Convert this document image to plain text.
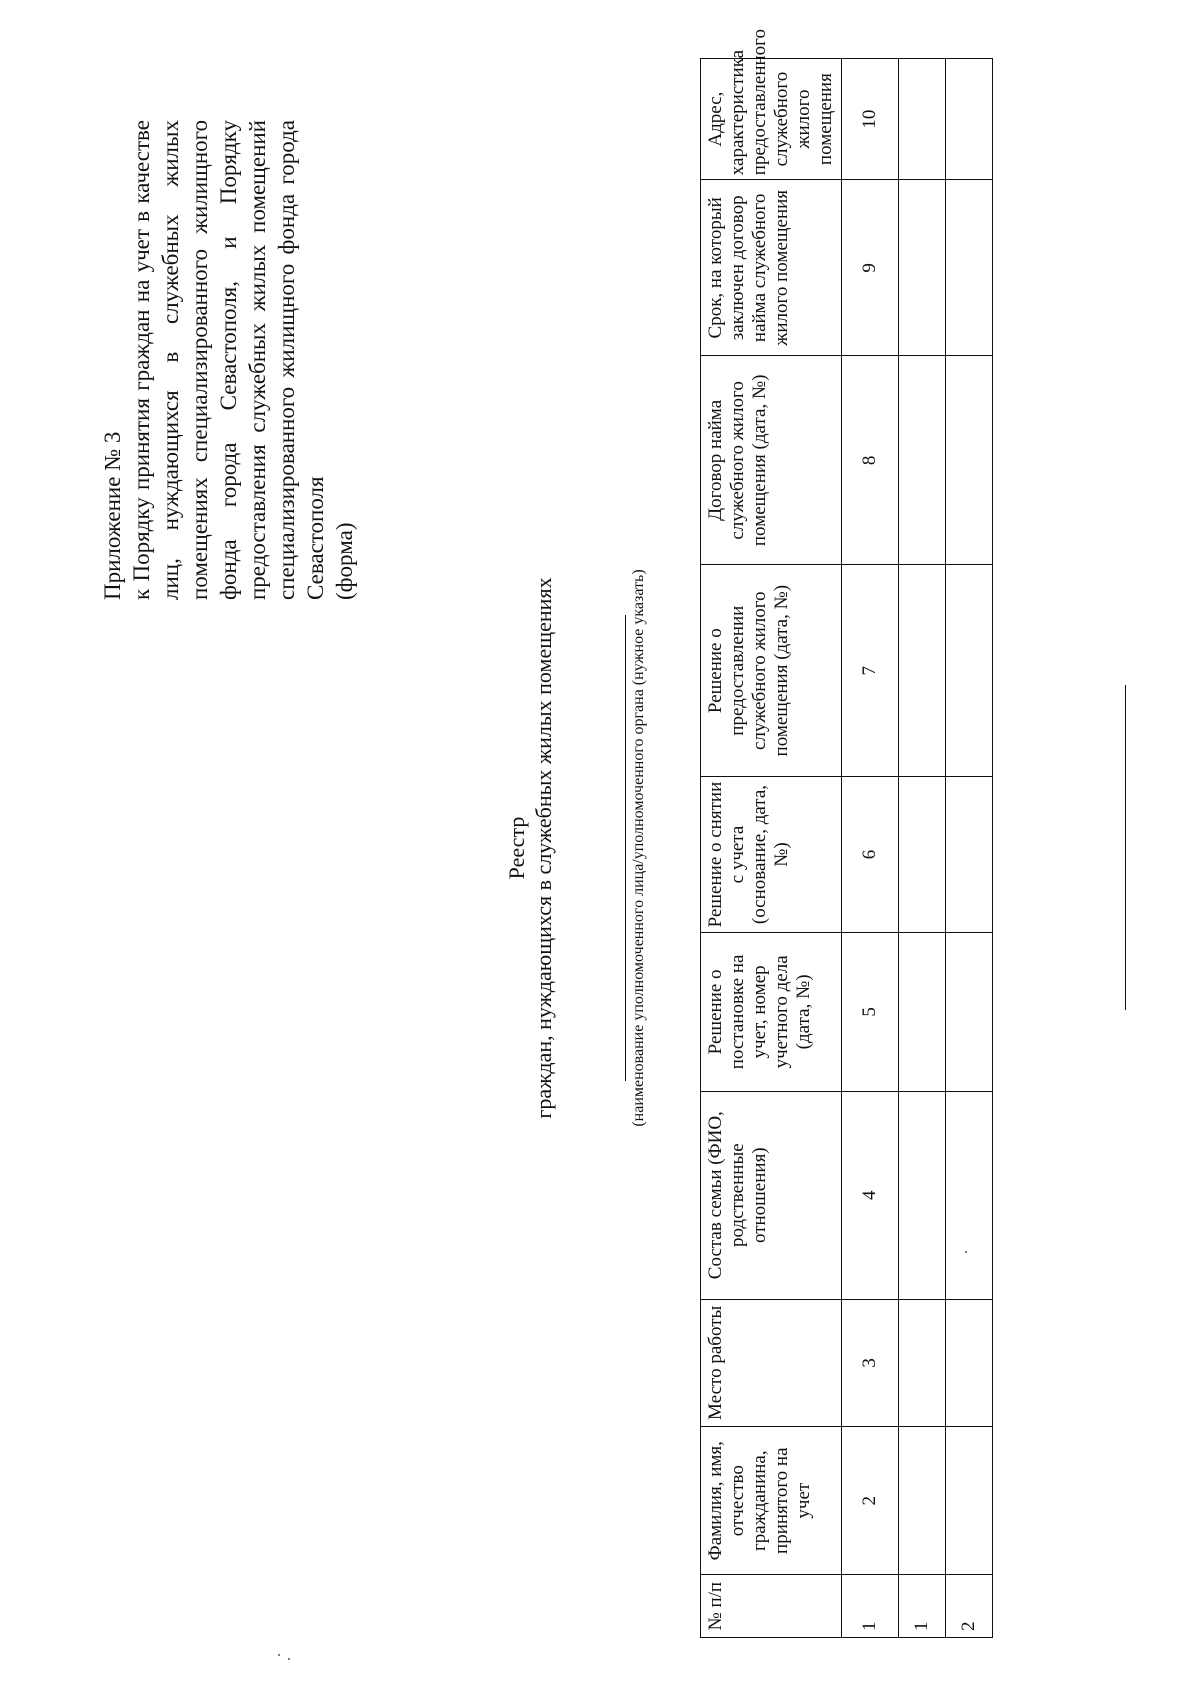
Приложение № 3 к Порядку принятия граждан на учет в качестве лиц, нуждающихся в служебных жилых помещениях специализированного жилищного фонда города Севастополя, и Порядку предоставления служебных жилых помещений специализированного жилищного фонда города Севастополя (форма)
Реестр граждан, нуждающихся в служебных жилых помещениях	(наименование уполномоченного лица/уполномоченного органа (нужное указать)
№ п/п	Фамилия, имя, отчество гражданина, принятого на учет	Место работы	Состав семьи (ФИО, родственные отношения)	Решение о постановке на учет, номер учетного дела (дата, №)	Решение о снятии с учета (основание, дата, №)	Решение о предоставлении служебного жилого помещения (дата, №)	Договор найма служебного жилого помещения (дата, №)	Срок, на который заключен договор найма служебного жилого помещения	Адрес, характеристика предоставленного служебного жилого помещения
1	2	3	4	5	6	7	8	9	10
1									
2									
